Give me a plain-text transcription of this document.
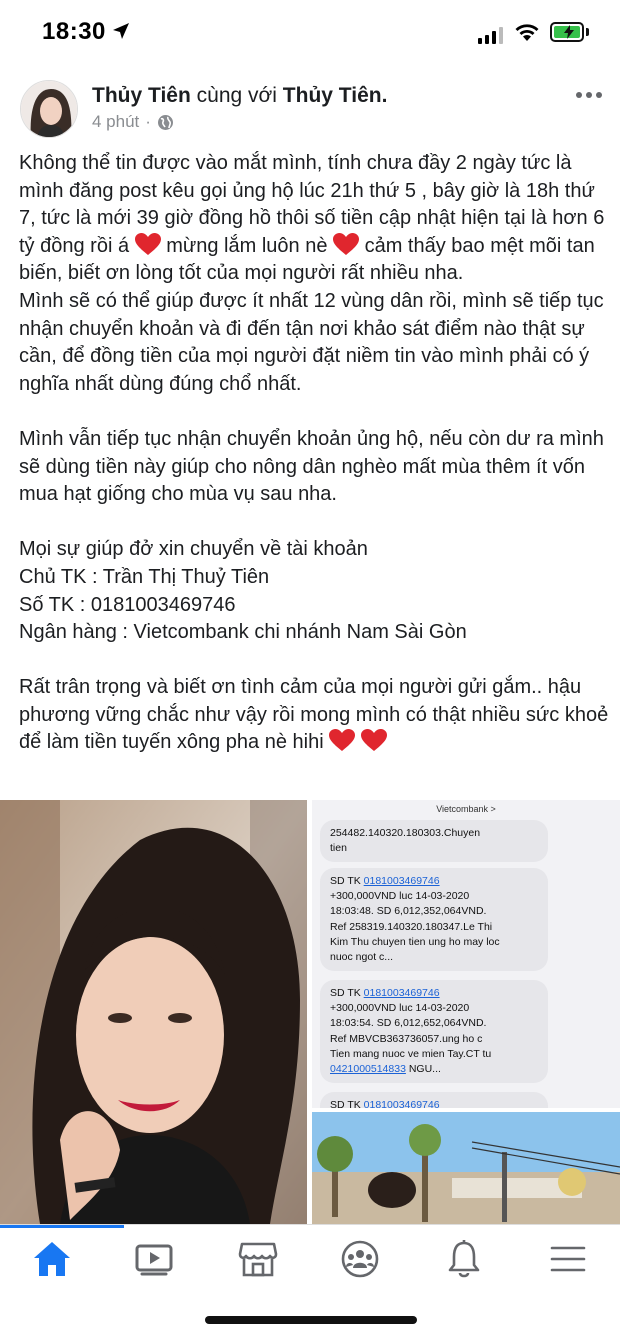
18:30
Thủy Tiên cùng với Thủy Tiên.
4 phút ·

Không thể tin được vào mắt mình, tính chưa đầy 2 ngày tức là mình đăng post kêu gọi ủng hộ lúc 21h thứ 5 , bây giờ là 18h thứ 7, tức là mới 39 giờ đồng hồ thôi số tiền cập nhật hiện tại là hơn 6 tỷ đồng rồi á mừng lắm luôn nè cảm thấy bao mệt mõi tan biến, biết ơn lòng tốt của mọi người rất nhiều nha.

Mình sẽ có thể giúp được ít nhất 12 vùng dân rồi, mình sẽ tiếp tục nhận chuyển khoản và đi đến tận nơi khảo sát điểm nào thật sự cần, để đồng tiền của mọi người đặt niềm tin vào mình phải có ý nghĩa nhất dùng đúng chổ nhất.

Mình vẫn tiếp tục nhận chuyển khoản ủng hộ, nếu còn dư ra mình sẽ dùng tiền này giúp cho nông dân nghèo mất mùa thêm ít vốn mua hạt giống cho mùa vụ sau nha.

Mọi sự giúp đở xin chuyển về tài khoản

Chủ TK : Trần Thị Thuỷ Tiên

Số TK : 0181003469746

Ngân hàng : Vietcombank chi nhánh Nam Sài Gòn

Rất trân trọng và biết ơn tình cảm của mọi người gửi gắm.. hậu phương vững chắc như vậy rồi mong mình có thật nhiều sức khoẻ để làm tiền tuyến xông pha nè hihi

Vietcombank >
254482.140320.180303.Chuyen
tien
SD TK 0181003469746
+300,000VND luc 14-03-2020
18:03:48. SD 6,012,352,064VND.
Ref 258319.140320.180347.Le Thi
Kim Thu chuyen tien ung ho may loc
nuoc ngot c...
SD TK 0181003469746
+300,000VND luc 14-03-2020
18:03:54. SD 6,012,652,064VND.
Ref MBVCB363736057.ung ho c
Tien mang nuoc ve mien Tay.CT tu
0421000514833 NGU...
SD TK 0181003469746
